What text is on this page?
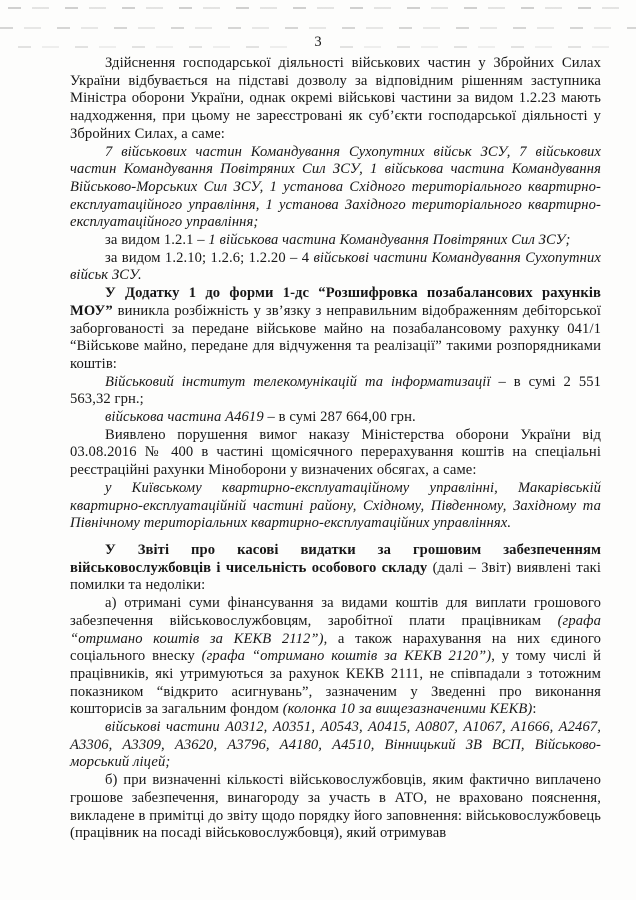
3

Здійснення господарської діяльності військових частин у Збройних Силах України відбувається на підставі дозволу за відповідним рішенням заступника Міністра оборони України, однак окремі військові частини за видом 1.2.23 мають надходження, при цьому не зареєстровані як суб’єкти господарської діяльності у Збройних Силах, а саме:

7 військових частин Командування Сухопутних військ ЗСУ, 7 військових частин Командування Повітряних Сил ЗСУ, 1 військова частина Командування Військово-Морських Сил ЗСУ, 1 установа Східного територіального квартирно-експлуатаційного управління, 1 установа Західного територіального квартирно-експлуатаційного управління;

за видом 1.2.1 – 1 військова частина Командування Повітряних Сил ЗСУ;

за видом 1.2.10; 1.2.6; 1.2.20 – 4 військові частини Командування Сухопутних військ ЗСУ.

У Додатку 1 до форми 1-дс “Розшифровка позабалансових рахунків МОУ” виникла розбіжність у зв’язку з неправильним відображенням дебіторської заборгованості за передане військове майно на позабалансовому рахунку 041/1 “Військове майно, передане для відчуження та реалізації” такими розпорядниками коштів:

Військовий інститут телекомунікацій та інформатизації – в сумі 2 551 563,32 грн.;

військова частина А4619 – в сумі 287 664,00 грн.

Виявлено порушення вимог наказу Міністерства оборони України від 03.08.2016 № 400 в частині щомісячного перерахування коштів на спеціальні реєстраційні рахунки Міноборони у визначених обсягах, а саме:

у Київському квартирно-експлуатаційному управлінні, Макарівській квартирно-експлуатаційній частині району, Східному, Південному, Західному та Північному територіальних квартирно-експлуатаційних управліннях.

У Звіті про касові видатки за грошовим забезпеченням військовослужбовців і чисельність особового складу (далі – Звіт) виявлені такі помилки та недоліки:

а) отримані суми фінансування за видами коштів для виплати грошового забезпечення військовослужбовцям, заробітної плати працівникам (графа “отримано коштів за КЕКВ 2112”), а також нарахування на них єдиного соціального внеску (графа “отримано коштів за КЕКВ 2120”), у тому числі й працівників, які утримуються за рахунок КЕКВ 2111, не співпадали з тотожним показником “відкрито асигнувань”, зазначеним у Зведенні про виконання кошторисів за загальним фондом (колонка 10 за вищезазначеними КЕКВ):

військові частини А0312, А0351, А0543, А0415, А0807, А1067, А1666, А2467, А3306, А3309, А3620, А3796, А4180, А4510, Вінницький ЗВ ВСП, Військово-морський ліцей;

б) при визначенні кількості військовослужбовців, яким фактично виплачено грошове забезпечення, винагороду за участь в АТО, не враховано пояснення, викладене в примітці до звіту щодо порядку його заповнення: військовослужбовець (працівник на посаді військовослужбовця), який отримував
